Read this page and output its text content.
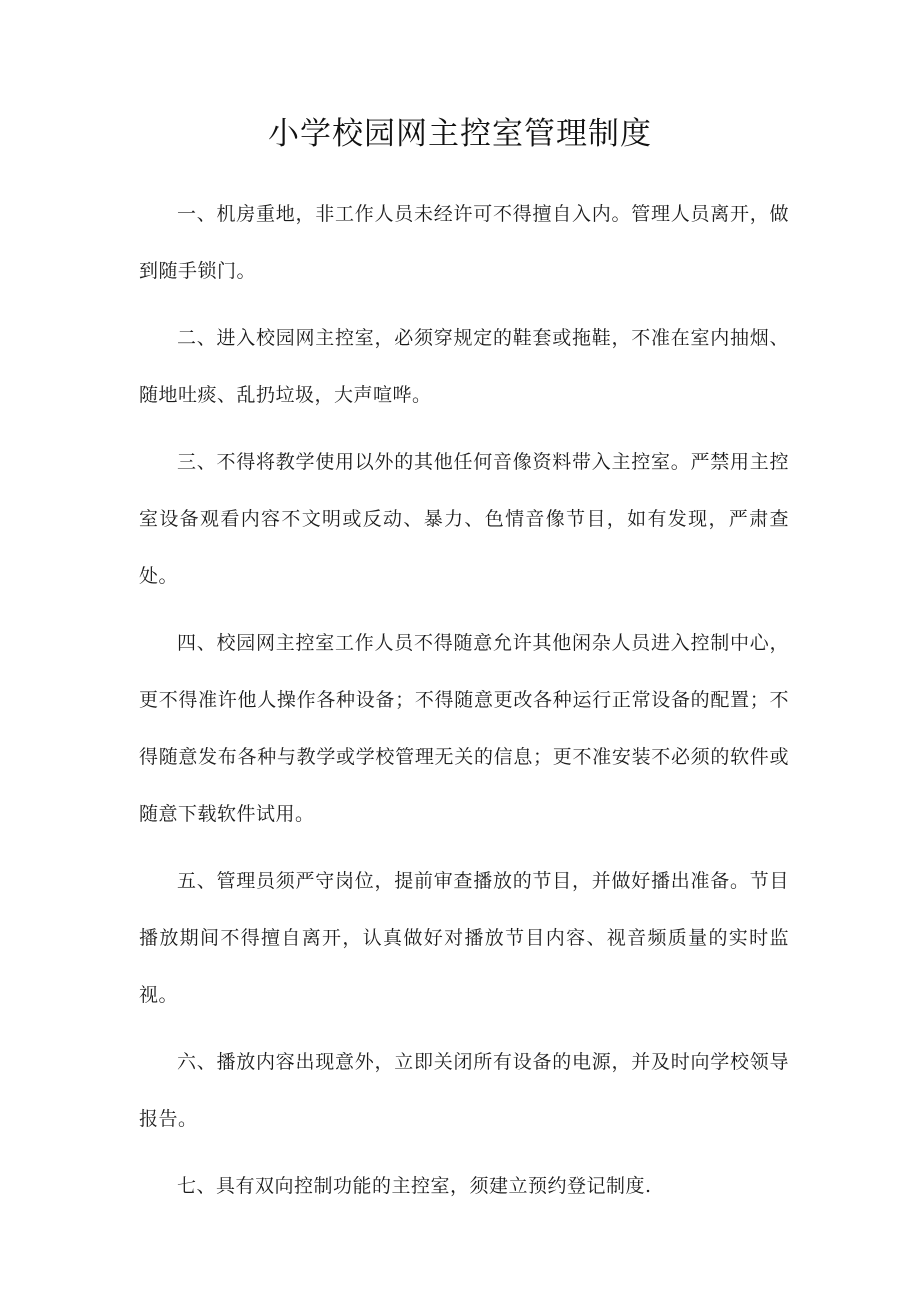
小学校园网主控室管理制度

一、机房重地，非工作人员未经许可不得擅自入内。管理人员离开，做到随手锁门。

二、进入校园网主控室，必须穿规定的鞋套或拖鞋，不准在室内抽烟、随地吐痰、乱扔垃圾，大声喧哗。

三、不得将教学使用以外的其他任何音像资料带入主控室。严禁用主控室设备观看内容不文明或反动、暴力、色情音像节目，如有发现，严肃查处。

四、校园网主控室工作人员不得随意允许其他闲杂人员进入控制中心，更不得准许他人操作各种设备；不得随意更改各种运行正常设备的配置；不得随意发布各种与教学或学校管理无关的信息；更不准安装不必须的软件或随意下载软件试用。

五、管理员须严守岗位，提前审查播放的节目，并做好播出准备。节目播放期间不得擅自离开，认真做好对播放节目内容、视音频质量的实时监视。

六、播放内容出现意外，立即关闭所有设备的电源，并及时向学校领导报告。

七、具有双向控制功能的主控室，须建立预约登记制度.
